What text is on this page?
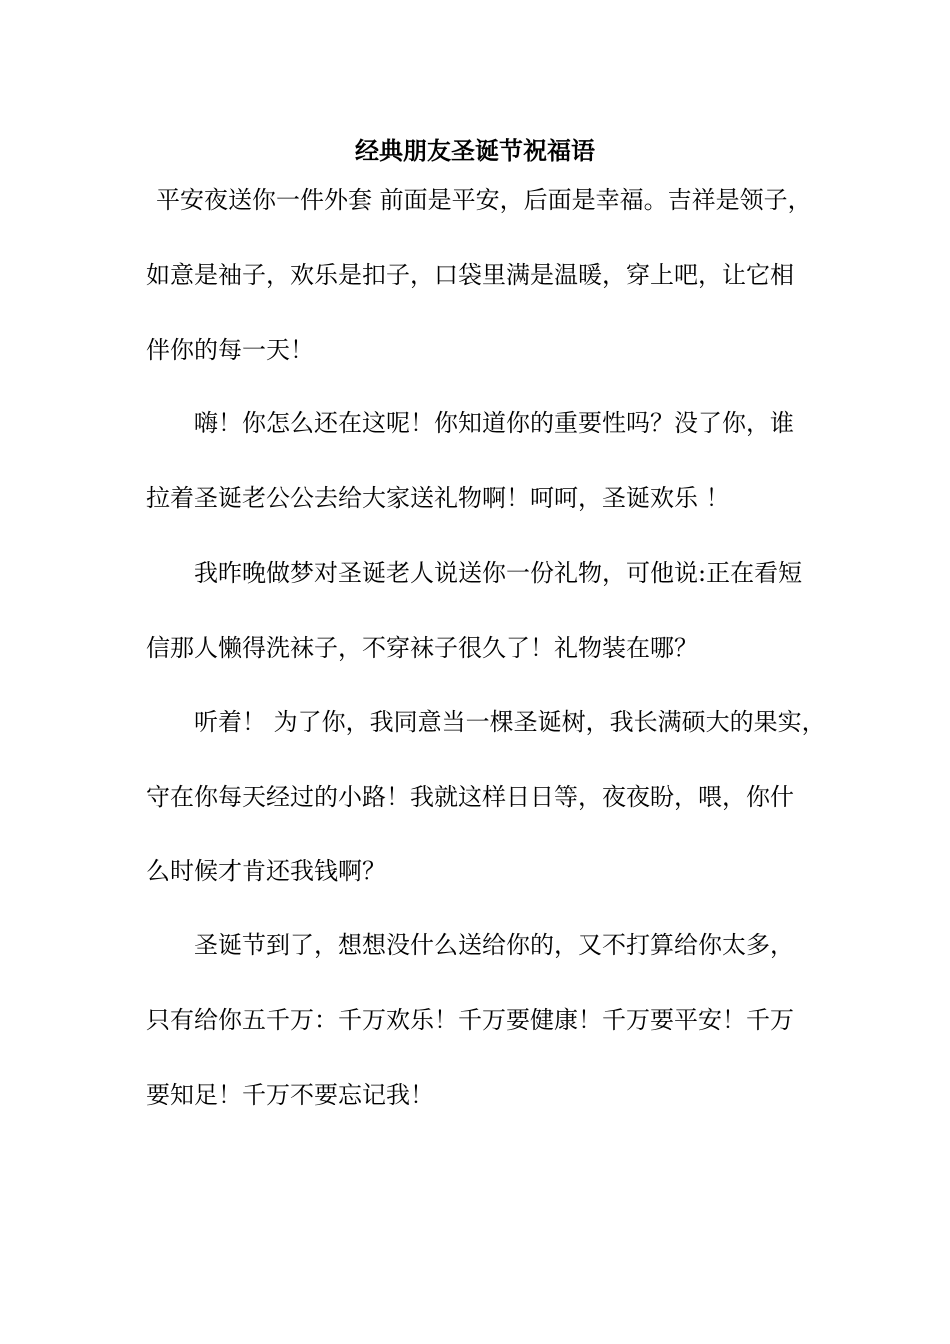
经典朋友圣诞节祝福语
平安夜送你一件外套 前面是平安，后面是幸福。吉祥是领子，
如意是袖子，欢乐是扣子，口袋里满是温暖，穿上吧，让它相
伴你的每一天！
嗨！你怎么还在这呢！你知道你的重要性吗？没了你，谁
拉着圣诞老公公去给大家送礼物啊！呵呵，圣诞欢乐 ！
我昨晚做梦对圣诞老人说送你一份礼物，可他说:正在看短
信那人懒得洗袜子，不穿袜子很久了！礼物装在哪？
听着！ 为了你，我同意当一棵圣诞树，我长满硕大的果实，
守在你每天经过的小路！我就这样日日等，夜夜盼，喂，你什
么时候才肯还我钱啊？
圣诞节到了，想想没什么送给你的，又不打算给你太多，
只有给你五千万：千万欢乐！千万要健康！千万要平安！千万
要知足！千万不要忘记我！
